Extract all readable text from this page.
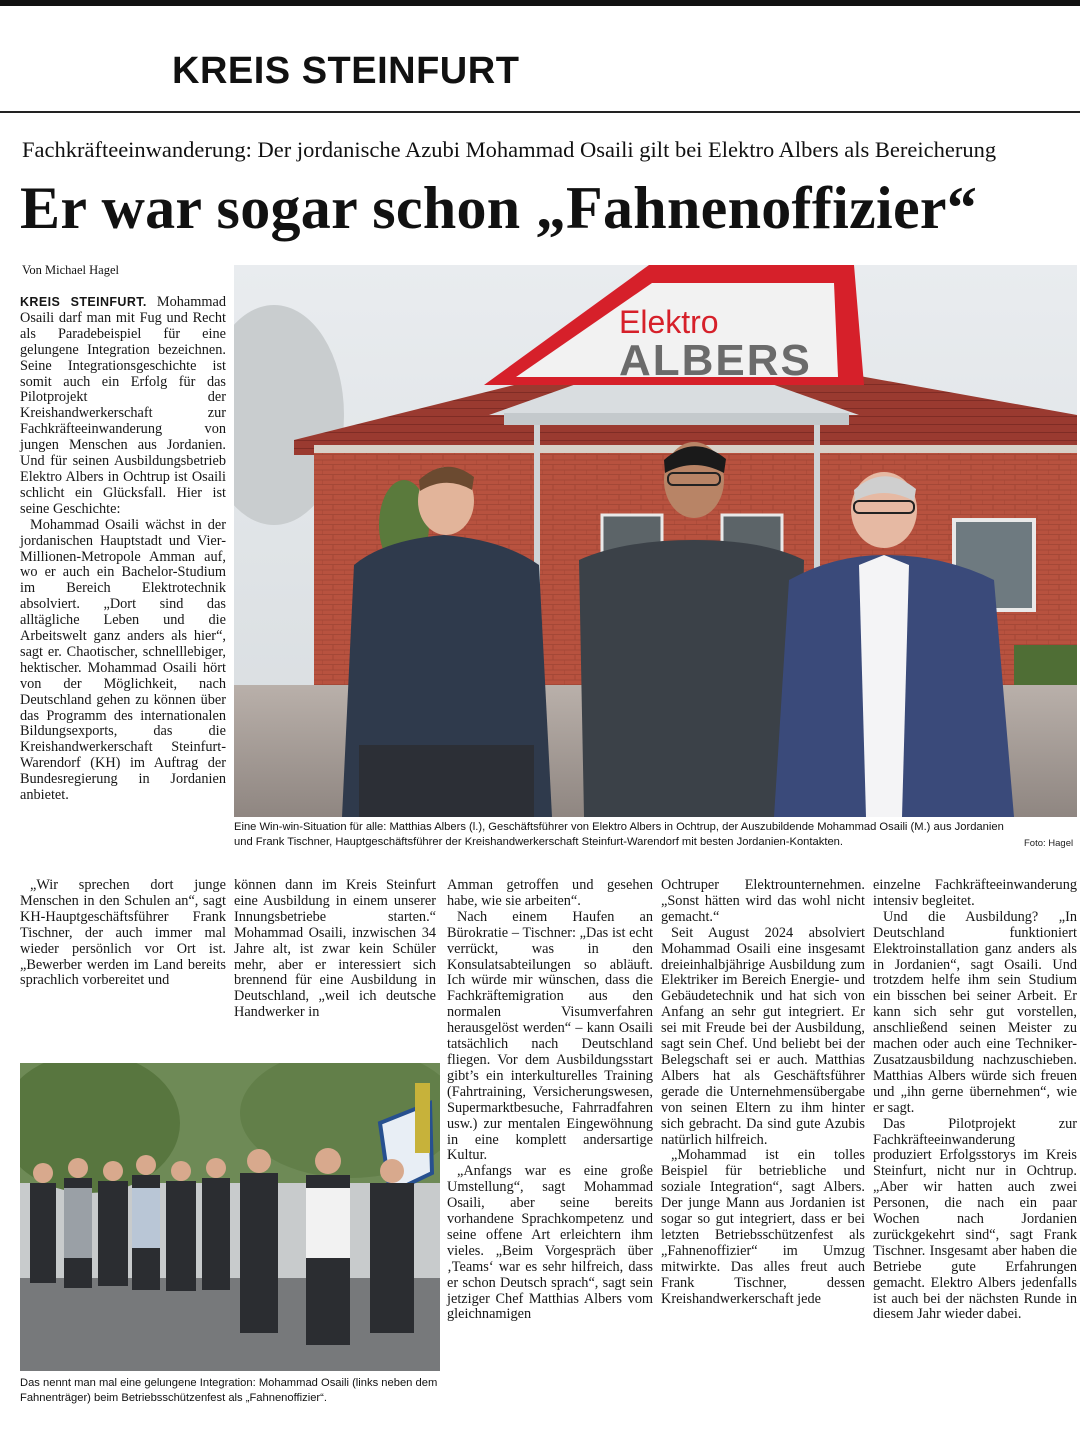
KREIS STEINFURT
Fachkräfteeinwanderung: Der jordanische Azubi Mohammad Osaili gilt bei Elektro Albers als Bereicherung
Er war sogar schon „Fahnenoffizier“
Von Michael Hagel

KREIS STEINFURT. Mohammad Osaili darf man mit Fug und Recht als Paradebeispiel für eine gelungene Integration bezeichnen. Seine Integrationsgeschichte ist somit auch ein Erfolg für das Pilotprojekt der Kreishandwerkerschaft zur Fachkräfteeinwanderung von jungen Menschen aus Jordanien. Und für seinen Ausbildungsbetrieb Elektro Albers in Ochtrup ist Osaili schlicht ein Glücksfall. Hier ist seine Geschichte:

Mohammad Osaili wächst in der jordanischen Hauptstadt und Vier-Millionen-Metropole Amman auf, wo er auch ein Bachelor-Studium im Bereich Elektrotechnik absolviert. „Dort sind das alltägliche Leben und die Arbeitswelt ganz anders als hier“, sagt er. Chaotischer, schnelllebiger, hektischer. Mohammad Osaili hört von der Möglichkeit, nach Deutschland gehen zu können über das Programm des internationalen Bildungsexports, das die Kreishandwerkerschaft Steinfurt-Warendorf (KH) im Auftrag der Bundesregierung in Jordanien anbietet.

„Wir sprechen dort junge Menschen in den Schulen an“, sagt KH-Hauptgeschäftsführer Frank Tischner, der auch immer mal wieder persönlich vor Ort ist. „Bewerber werden im Land bereits sprachlich vorbereitet und

Elektro
ALBERS
Eine Win-win-Situation für alle: Matthias Albers (l.), Geschäftsführer von Elektro Albers in Ochtrup, der Auszubildende Mohammad Osaili (M.) aus Jordanien und Frank Tischner, Hauptgeschäftsführer der Kreishandwerkerschaft Steinfurt-Warendorf mit besten Jordanien-Kontakten.	Foto: Hagel
Das nennt man mal eine gelungene Integration: Mohammad Osaili (links neben dem Fahnenträger) beim Betriebsschützenfest als „Fahnenoffizier“.

können dann im Kreis Steinfurt eine Ausbildung in einem unserer Innungsbetriebe starten.“ Mohammad Osaili, inzwischen 34 Jahre alt, ist zwar kein Schüler mehr, aber er interessiert sich brennend für eine Ausbildung in Deutschland, „weil ich deutsche Handwerker in

Amman getroffen und gesehen habe, wie sie arbeiten“.

Nach einem Haufen an Bürokratie – Tischner: „Das ist echt verrückt, was in den Konsulatsabteilungen so abläuft. Ich würde mir wünschen, dass die Fachkräftemigration aus den normalen Visumverfahren herausgelöst werden“ – kann Osaili tatsächlich nach Deutschland fliegen. Vor dem Ausbildungsstart gibt’s ein interkulturelles Training (Fahrtraining, Versicherungswesen, Supermarktbesuche, Fahrradfahren usw.) zur mentalen Eingewöhnung in eine komplett andersartige Kultur.

„Anfangs war es eine große Umstellung“, sagt Mohammad Osaili, aber seine bereits vorhandene Sprachkompetenz und seine offene Art erleichtern ihm vieles. „Beim Vorgespräch über ‚Teams‘ war es sehr hilfreich, dass er schon Deutsch sprach“, sagt sein jetziger Chef Matthias Albers vom gleichnamigen

Ochtruper Elektrounternehmen. „Sonst hätten wird das wohl nicht gemacht.“

Seit August 2024 absolviert Mohammad Osaili eine insgesamt dreieinhalbjährige Ausbildung zum Elektriker im Bereich Energie- und Gebäudetechnik und hat sich von Anfang an sehr gut integriert. Er sei mit Freude bei der Ausbildung, sagt sein Chef. Und beliebt bei der Belegschaft sei er auch. Matthias Albers hat als Geschäftsführer gerade die Unternehmensübergabe von seinen Eltern zu ihm hinter sich gebracht. Da sind gute Azubis natürlich hilfreich.

„Mohammad ist ein tolles Beispiel für betriebliche und soziale Integration“, sagt Albers. Der junge Mann aus Jordanien ist sogar so gut integriert, dass er bei letzten Betriebsschützenfest als „Fahnenoffizier“ im Umzug mitwirkte. Das alles freut auch Frank Tischner, dessen Kreishandwerkerschaft jede

einzelne Fachkräfteeinwanderung intensiv begleitet.

Und die Ausbildung? „In Deutschland funktioniert Elektroinstallation ganz anders als in Jordanien“, sagt Osaili. Und trotzdem helfe ihm sein Studium ein bisschen bei seiner Arbeit. Er kann sich sehr gut vorstellen, anschließend seinen Meister zu machen oder auch eine Techniker-Zusatzausbildung nachzuschieben. Matthias Albers würde sich freuen und „ihn gerne übernehmen“, wie er sagt.

Das Pilotprojekt zur Fachkräfteeinwanderung produziert Erfolgsstorys im Kreis Steinfurt, nicht nur in Ochtrup. „Aber wir hatten auch zwei Personen, die nach ein paar Wochen nach Jordanien zurückgekehrt sind“, sagt Frank Tischner. Insgesamt aber haben die Betriebe gute Erfahrungen gemacht. Elektro Albers jedenfalls ist auch bei der nächsten Runde in diesem Jahr wieder dabei.
